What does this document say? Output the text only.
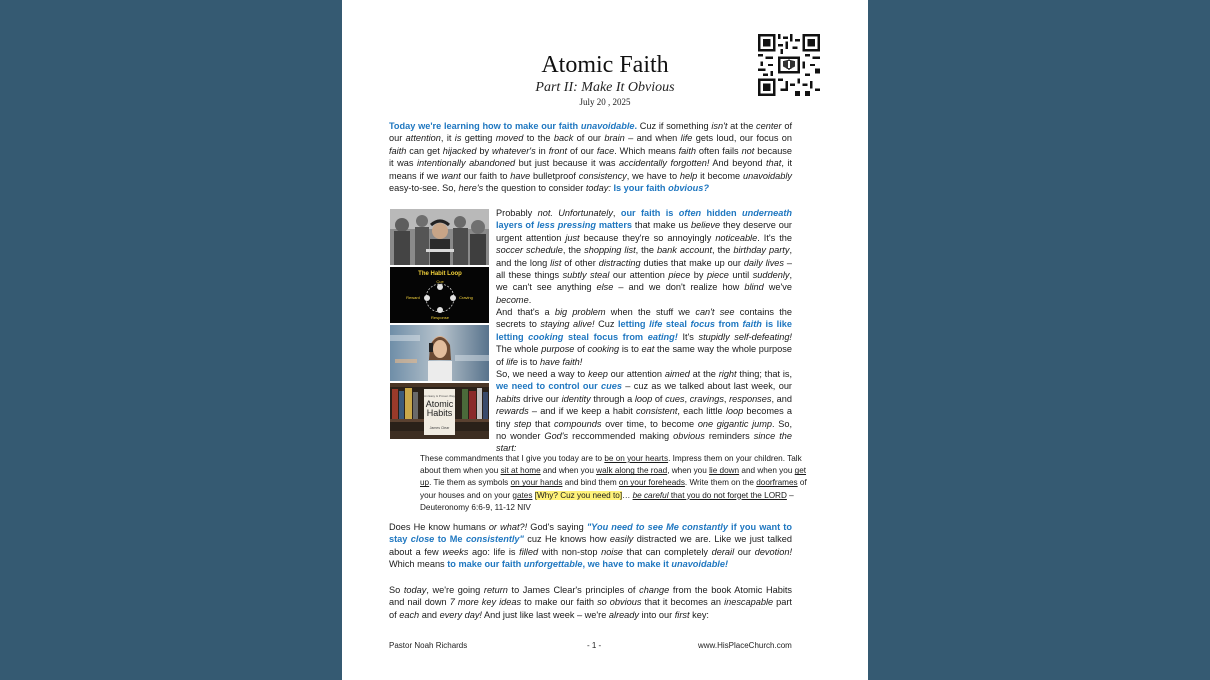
Atomic Faith
Part II: Make It Obvious
July 20 , 2025
Today we're learning how to make our faith unavoidable. Cuz if something isn't at the center of our attention, it is getting moved to the back of our brain – and when life gets loud, our focus on faith can get hijacked by whatever's in front of our face. Which means faith often fails not because it was intentionally abandoned but just because it was accidentally forgotten! And beyond that, it means if we want our faith to have bulletproof consistency, we have to help it become unavoidably easy-to-see. So, here's the question to consider today: Is your faith obvious?
The Habit Loop
Cue
Craving
Response
Reward
An Easy & Proven Way
Atomic
Habits
James Clear
Probably not. Unfortunately, our faith is often hidden underneath layers of less pressing matters that make us believe they deserve our urgent attention just because they're so annoyingly noticeable. It's the soccer schedule, the shopping list, the bank account, the birthday party, and the long list of other distracting duties that make up our daily lives – all these things subtly steal our attention piece by piece until suddenly, we can't see anything else – and we don't realize how blind we've become.
And that's a big problem when the stuff we can't see contains the secrets to staying alive! Cuz letting life steal focus from faith is like letting cooking steal focus from eating! It's stupidly self-defeating! The whole purpose of cooking is to eat the same way the whole purpose of life is to have faith!
So, we need a way to keep our attention aimed at the right thing; that is, we need to control our cues – cuz as we talked about last week, our habits drive our identity through a loop of cues, cravings, responses, and rewards – and if we keep a habit consistent, each little loop becomes a tiny step that compounds over time, to become one gigantic jump. So, no wonder God's reccommended making obvious reminders since the start:
These commandments that I give you today are to be on your hearts. Impress them on your children. Talk about them when you sit at home and when you walk along the road, when you lie down and when you get up. Tie them as symbols on your hands and bind them on your foreheads. Write them on the doorframes of your houses and on your gates [Why? Cuz you need to]… be careful that you do not forget the LORD – Deuteronomy 6:6-9, 11-12 NIV
Does He know humans or what?! God's saying "You need to see Me constantly if you want to stay close to Me consistently" cuz He knows how easily distracted we are. Like we just talked about a few weeks ago: life is filled with non-stop noise that can completely derail our devotion! Which means to make our faith unforgettable, we have to make it unavoidable!
So today, we're going return to James Clear's principles of change from the book Atomic Habits and nail down 7 more key ideas to make our faith so obvious that it becomes an inescapable part of each and every day! And just like last week – we're already into our first key:
Pastor Noah Richards	- 1 -	www.HisPlaceChurch.com
